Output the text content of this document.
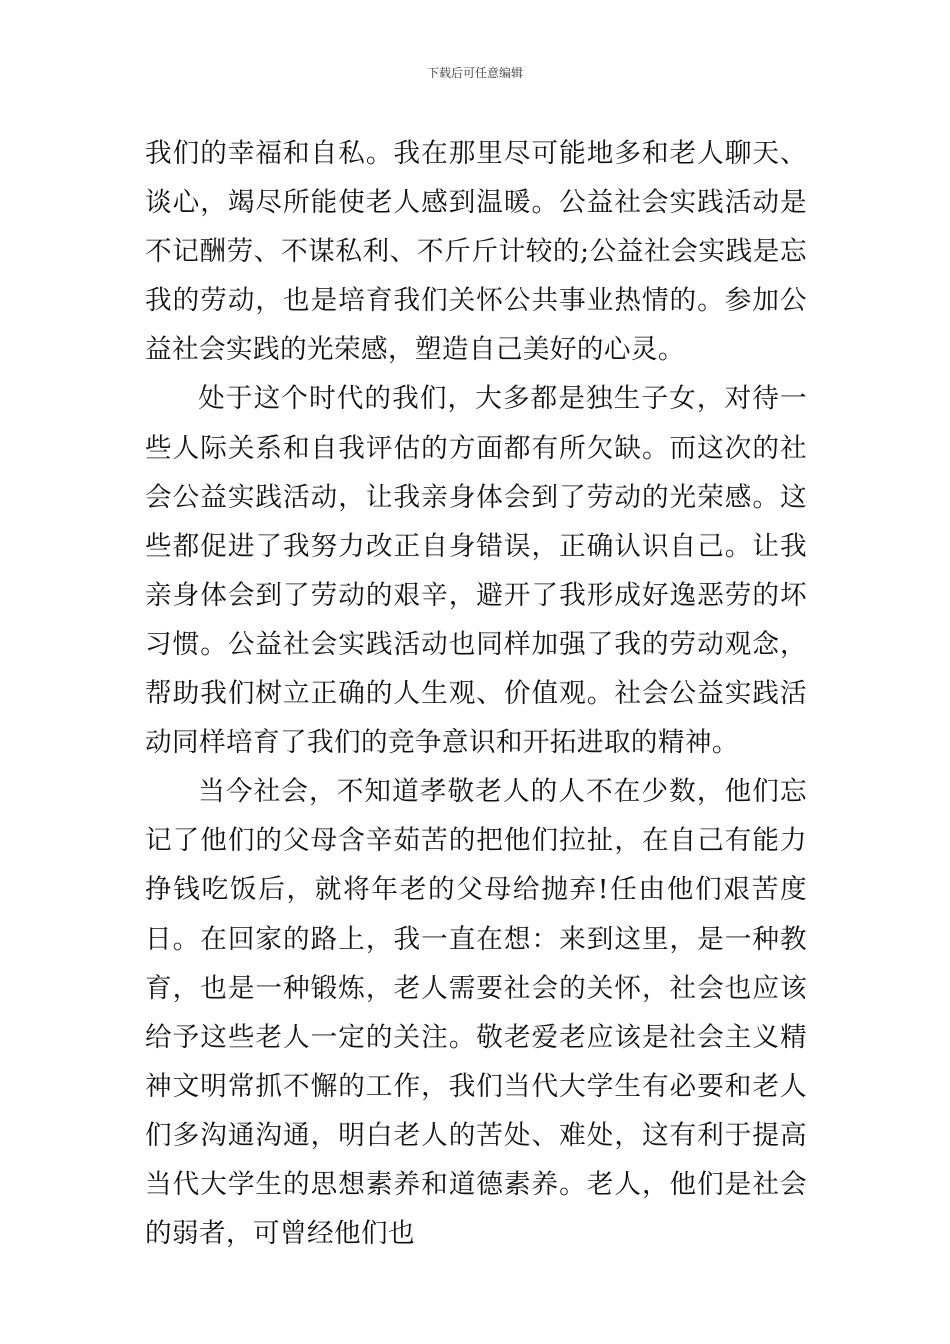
下载后可任意编辑

我们的幸福和自私。我在那里尽可能地多和老人聊天、谈心，竭尽所能使老人感到温暖。公益社会实践活动是不记酬劳、不谋私利、不斤斤计较的;公益社会实践是忘我的劳动，也是培育我们关怀公共事业热情的。参加公益社会实践的光荣感，塑造自己美好的心灵。

处于这个时代的我们，大多都是独生子女，对待一些人际关系和自我评估的方面都有所欠缺。而这次的社会公益实践活动，让我亲身体会到了劳动的光荣感。这些都促进了我努力改正自身错误，正确认识自己。让我亲身体会到了劳动的艰辛，避开了我形成好逸恶劳的坏习惯。公益社会实践活动也同样加强了我的劳动观念，帮助我们树立正确的人生观、价值观。社会公益实践活动同样培育了我们的竞争意识和开拓进取的精神。

当今社会，不知道孝敬老人的人不在少数，他们忘记了他们的父母含辛茹苦的把他们拉扯，在自己有能力挣钱吃饭后，就将年老的父母给抛弃!任由他们艰苦度日。在回家的路上，我一直在想：来到这里，是一种教育，也是一种锻炼，老人需要社会的关怀，社会也应该给予这些老人一定的关注。敬老爱老应该是社会主义精神文明常抓不懈的工作，我们当代大学生有必要和老人们多沟通沟通，明白老人的苦处、难处，这有利于提高当代大学生的思想素养和道德素养。老人，他们是社会的弱者，可曾经他们也
